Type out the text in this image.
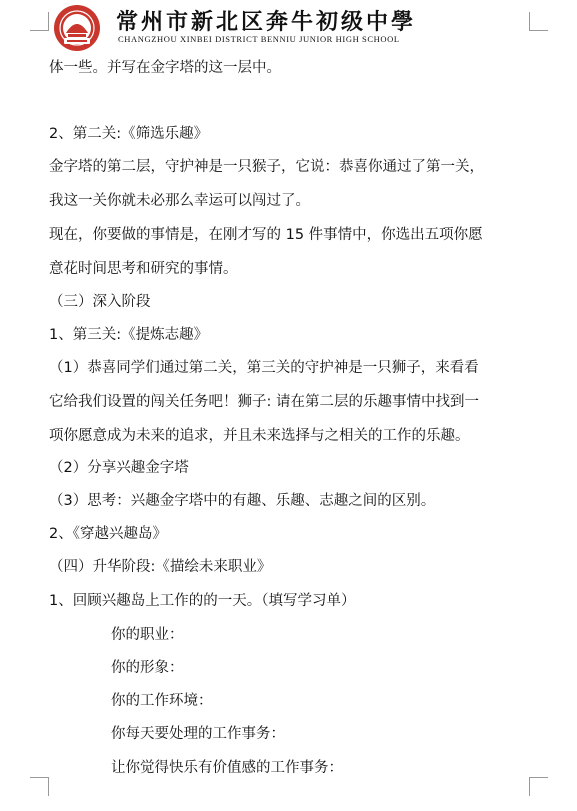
常州市新北区奔牛初级中學
CHANGZHOU XINBEI DISTRICT BENNIU JUNIOR HIGH SCHOOL
体一些。并写在金字塔的这一层中。
2、第二关:《筛选乐趣》
金字塔的第二层，守护神是一只猴子，它说：恭喜你通过了第一关，
我这一关你就未必那么幸运可以闯过了。
现在，你要做的事情是，在刚才写的 15 件事情中，你选出五项你愿
意花时间思考和研究的事情。
（三）深入阶段
1、第三关:《提炼志趣》
（1）恭喜同学们通过第二关，第三关的守护神是一只狮子，来看看
它给我们设置的闯关任务吧！狮子: 请在第二层的乐趣事情中找到一
项你愿意成为未来的追求，并且未来选择与之相关的工作的乐趣。
（2）分享兴趣金字塔
（3）思考：兴趣金字塔中的有趣、乐趣、志趣之间的区别。
2、《穿越兴趣岛》
（四）升华阶段:《描绘未来职业》
1、回顾兴趣岛上工作的的一天。（填写学习单）
你的职业：
你的形象：
你的工作环境：
你每天要处理的工作事务：
让你觉得快乐有价值感的工作事务：
